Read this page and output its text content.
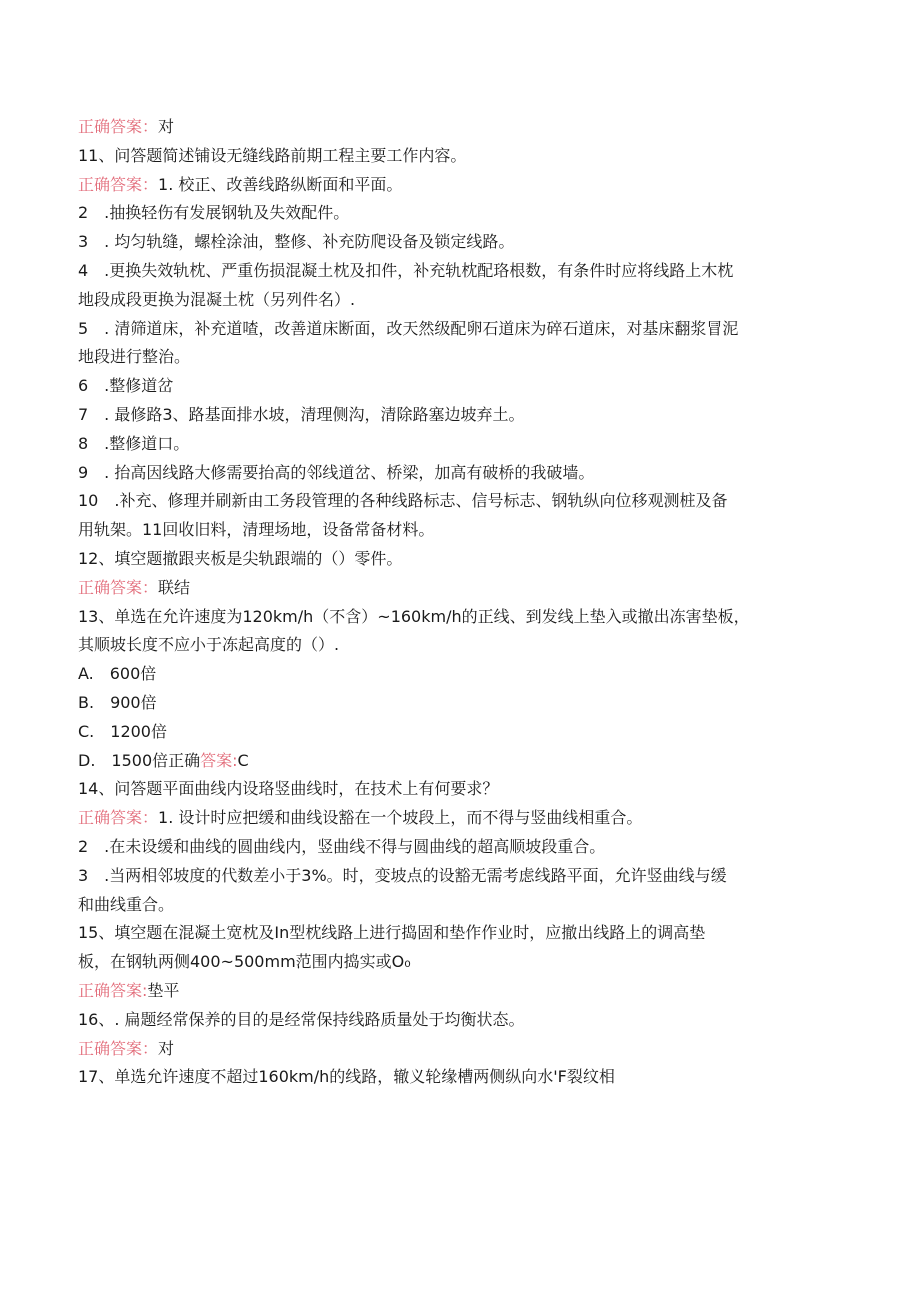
正确答案：对
11、问答题简述铺设无缝线路前期工程主要工作内容。
正确答案：1. 校正、改善线路纵断面和平面。
2　.抽换轻伤有发展钢轨及失效配件。
3　. 均匀轨缝，螺栓涂油，整修、补充防爬设备及锁定线路。
4　.更换失效轨枕、严重伤损混凝土枕及扣件，补充轨枕配珞根数，有条件时应将线路上木枕
地段成段更换为混凝土枕（另列件名）.
5　. 清筛道床，补充道喳，改善道床断面，改天然级配卵石道床为碎石道床，对基床翻浆冒泥
地段进行整治。
6　.整修道岔
7　. 最修路3、路基面排水坡，清理侧沟，清除路塞边坡弃土。
8　.整修道口。
9　. 抬高因线路大修需要抬高的邻线道岔、桥梁，加高有破桥的我破墙。
10　.补充、修理并刷新由工务段管理的各种线路标志、信号标志、钢轨纵向位移观测桩及备
用轨架。11回收旧料，清理场地，设备常备材料。
12、填空题撤跟夹板是尖轨跟端的（）零件。
正确答案：联结
13、单选在允许速度为120km/h（不含）~160km/h的正线、到发线上垫入或撤出冻害垫板，
其顺坡长度不应小于冻起高度的（）.
A.　600倍
B.　900倍
C.　1200倍
D.　1500倍正确答案:C
14、问答题平面曲线内设珞竖曲线时，在技术上有何要求？
正确答案：1. 设计时应把缓和曲线设豁在一个坡段上，而不得与竖曲线相重合。
2　.在未设缓和曲线的圆曲线内，竖曲线不得与圆曲线的超高顺坡段重合。
3　.当两相邻坡度的代数差小于3%。时，变坡点的设豁无需考虑线路平面，允许竖曲线与缓
和曲线重合。
15、填空题在混凝土宽枕及In型枕线路上进行捣固和垫作作业时，应撤出线路上的调高垫
板，在钢轨两侧400~500mm范围内捣实或O₀
正确答案:垫平
16、. 扁题经常保养的目的是经常保持线路质量处于均衡状态。
正确答案：对
17、单选允许速度不超过160km/h的线路，辙义轮缘槽两侧纵向水'F裂纹相
